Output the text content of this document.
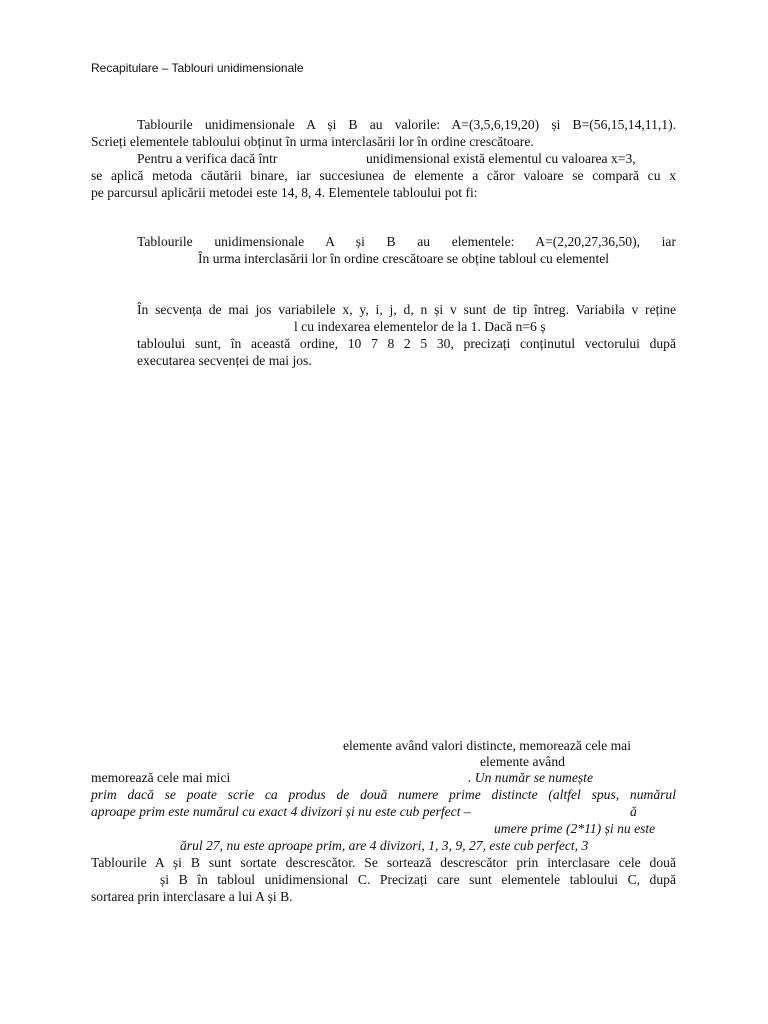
Recapitulare – Tablouri unidimensionale
Tablourile unidimensionale A și B au valorile: A=(3,5,6,19,20) și B=(56,15,14,11,1).
Scrieți elementele tabloului obținut în urma interclasării lor în ordine crescătoare.
Pentru a verifica dacă într	unidimensional există elementul cu valoarea x=3,
se aplică metoda căutării binare, iar succesiunea de elemente a căror valoare se compară cu x
pe parcursul aplicării metodei este 14, 8, 4. Elementele tabloului pot fi:
Tablourile unidimensionale A și B au elementele: A=(2,20,27,36,50), iar
În urma interclasării lor în ordine crescătoare se obține tabloul cu elementel
În secvența de mai jos variabilele x, y, i, j, d, n și v sunt de tip întreg. Variabila v reține
l cu indexarea elementelor de la 1. Dacă n=6 ș
tabloului sunt, în această ordine, 10 7 8 2 5 30, precizați conținutul vectorului după
executarea secvenței de mai jos.
elemente având valori distincte, memorează cele mai
elemente având
memorează cele mai mici	. Un număr se numește
prim dacă se poate scrie ca produs de două numere prime distincte (altfel spus, numărul
aproape prim este numărul cu exact 4 divizori și nu este cub perfect –	ă
umere prime (2*11) și nu este
ărul 27, nu este aproape prim, are 4 divizori, 1, 3, 9, 27, este cub perfect, 3
Tablourile A și B sunt sortate descrescător. Se sortează descrescător prin interclasare cele două
și B în tabloul unidimensional C. Precizați care sunt elementele tabloului C, după
sortarea prin interclasare a lui A și B.
